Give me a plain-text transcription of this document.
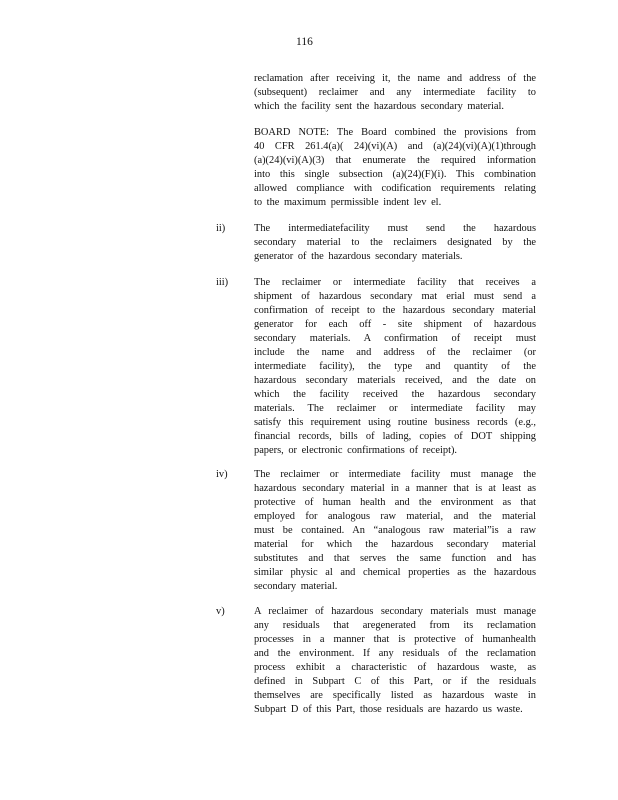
116
reclamation after receiving it, the name and address of the
(subsequent) reclaimer and any intermediate facility to
which the facility sent the hazardous secondary material.
BOARD NOTE: The Board combined the provisions from
40 CFR 261.4(a)( 24)(vi)(A) and (a)(24)(vi)(A)(1)through
(a)(24)(vi)(A)(3) that enumerate the required information
into this single subsection (a)(24)(F)(i). This combination
allowed compliance with codification requirements relating
to the maximum permissible indent lev el.
ii)	The intermediatefacility must send the hazardous
secondary material to the reclaimers designated by the
generator of the hazardous secondary materials.
iii) The reclaimer or intermediate facility that receives a
shipment of hazardous secondary mat erial must send a
confirmation of receipt to the hazardous secondary material
generator for each off - site shipment of hazardous
secondary materials. A confirmation of receipt must
include the name and address of the reclaimer (or
intermediate facility), the type and quantity of the
hazardous secondary materials received, and the date on
which the facility received the hazardous secondary
materials. The reclaimer or intermediate facility may
satisfy this requirement using routine business records (e.g.,
financial records, bills of lading, copies of DOT shipping
papers, or electronic confirmations of receipt).
iv)	The reclaimer or intermediate facility must manage the
hazardous secondary material in a manner that is at least as
protective of human health and the environment as that
employed for analogous raw material, and the material
must be contained. An “analogous raw material”is a raw
material for which the hazardous secondary material
substitutes and that serves the same function and has
similar physic al and chemical properties as the hazardous
secondary material.
v)	A reclaimer of hazardous secondary materials must manage
any residuals that aregenerated from its reclamation
processes in a manner that is protective of humanhealth
and the environment. If any residuals of the reclamation
process exhibit a characteristic of hazardous waste, as
defined in Subpart C of this Part, or if the residuals
themselves are specifically listed as hazardous waste in
Subpart D of this Part, those residuals are hazardo us waste.
